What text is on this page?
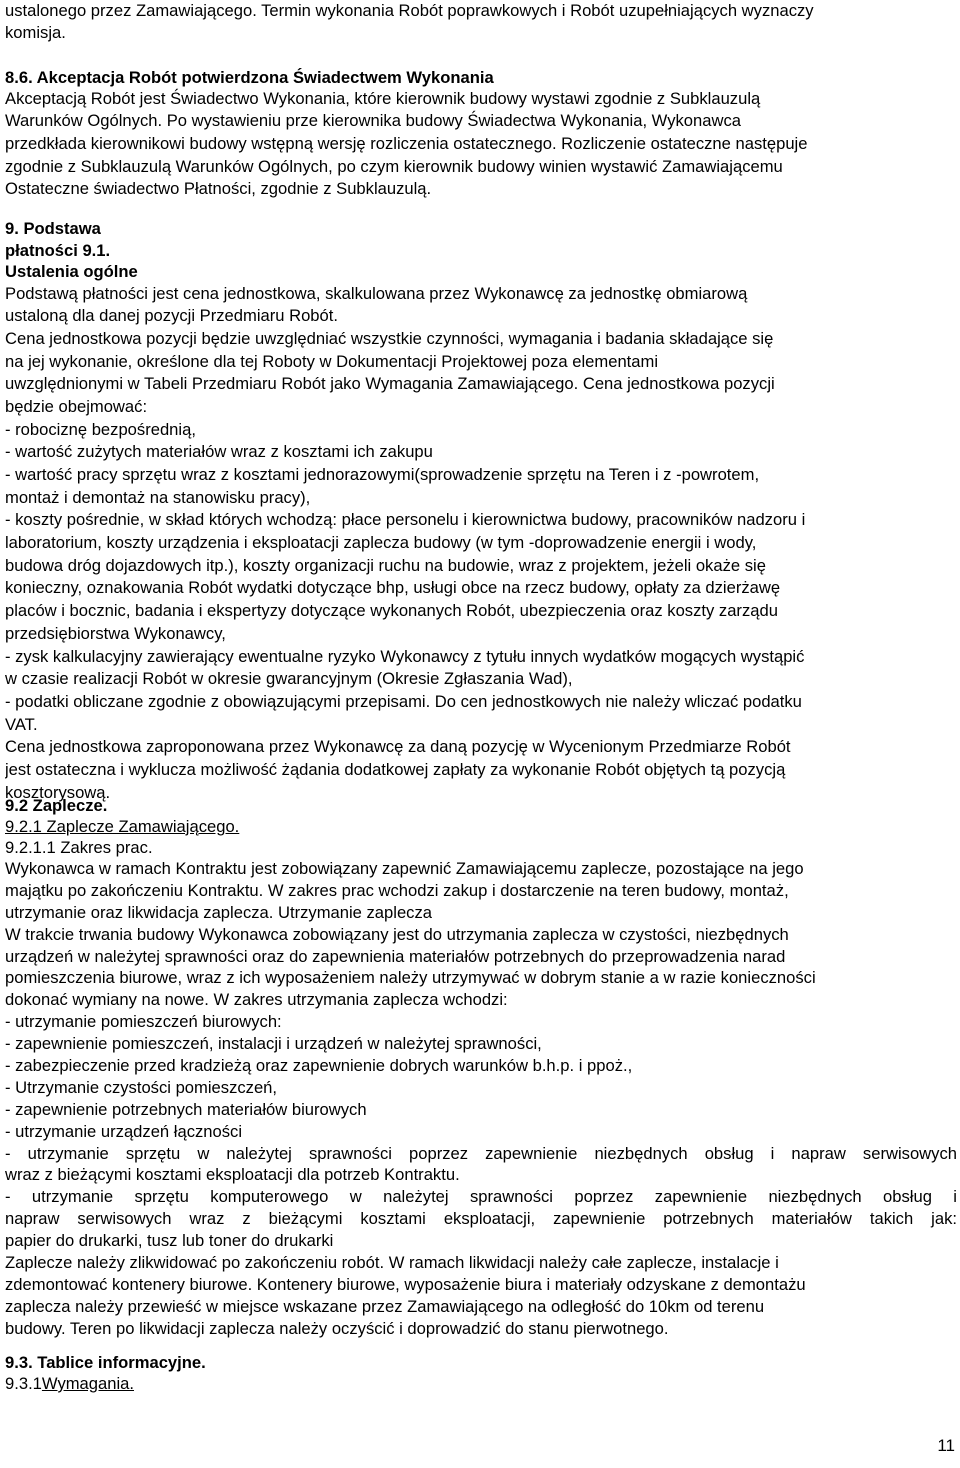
ustalonego przez Zamawiającego. Termin wykonania Robót poprawkowych i Robót uzupełniających wyznaczy
komisja.
8.6. Akceptacja Robót potwierdzona Świadectwem Wykonania
Akceptacją Robót jest Świadectwo Wykonania, które kierownik budowy wystawi zgodnie z Subklauzulą
Warunków Ogólnych. Po wystawieniu prze kierownika budowy Świadectwa Wykonania, Wykonawca
przedkłada kierownikowi budowy wstępną wersję rozliczenia ostatecznego. Rozliczenie ostateczne następuje
zgodnie z Subklauzulą Warunków Ogólnych, po czym kierownik budowy winien wystawić Zamawiającemu
Ostateczne świadectwo Płatności, zgodnie z Subklauzulą.
9. Podstawa
płatności 9.1.
Ustalenia ogólne
Podstawą płatności jest cena jednostkowa, skalkulowana przez Wykonawcę za jednostkę obmiarową
ustaloną dla danej pozycji Przedmiaru Robót.
Cena jednostkowa pozycji będzie uwzględniać wszystkie czynności, wymagania i badania składające się
na jej wykonanie, określone dla tej Roboty w Dokumentacji Projektowej poza elementami
uwzględnionymi w Tabeli Przedmiaru Robót jako Wymagania Zamawiającego. Cena jednostkowa pozycji
będzie obejmować:
- robociznę bezpośrednią,
- wartość zużytych materiałów wraz z kosztami ich zakupu
- wartość pracy sprzętu wraz z kosztami jednorazowymi(sprowadzenie sprzętu na Teren i z -powrotem,
montaż i demontaż na stanowisku pracy),
- koszty pośrednie, w skład których wchodzą: płace personelu i kierownictwa budowy, pracowników nadzoru i
laboratorium, koszty urządzenia i eksploatacji zaplecza budowy (w tym -doprowadzenie energii i wody,
budowa dróg dojazdowych itp.), koszty organizacji ruchu na budowie, wraz z projektem, jeżeli okaże się
konieczny, oznakowania Robót wydatki dotyczące bhp, usługi obce na rzecz budowy, opłaty za dzierżawę
placów i bocznic, badania i ekspertyzy dotyczące wykonanych Robót, ubezpieczenia oraz koszty zarządu
przedsiębiorstwa Wykonawcy,
- zysk kalkulacyjny zawierający ewentualne ryzyko Wykonawcy z tytułu innych wydatków mogących wystąpić
w czasie realizacji Robót w okresie gwarancyjnym (Okresie Zgłaszania Wad),
- podatki obliczane zgodnie z obowiązującymi przepisami. Do cen jednostkowych nie należy wliczać podatku
VAT.
Cena jednostkowa zaproponowana przez Wykonawcę za daną pozycję w Wycenionym Przedmiarze Robót
jest ostateczna i wyklucza możliwość żądania dodatkowej zapłaty za wykonanie Robót objętych tą pozycją
kosztorysową.
9.2 Zaplecze.
9.2.1 Zaplecze Zamawiającego.
9.2.1.1 Zakres prac.
Wykonawca w ramach Kontraktu jest zobowiązany zapewnić Zamawiającemu zaplecze, pozostające na jego
majątku po zakończeniu Kontraktu. W zakres prac wchodzi zakup i dostarczenie na teren budowy, montaż,
utrzymanie oraz likwidacja zaplecza. Utrzymanie zaplecza
W trakcie trwania budowy Wykonawca zobowiązany jest do utrzymania zaplecza w czystości, niezbędnych
urządzeń w należytej sprawności oraz do zapewnienia materiałów potrzebnych do przeprowadzenia narad
pomieszczenia biurowe, wraz z ich wyposażeniem należy utrzymywać w dobrym stanie a w razie konieczności
dokonać wymiany na nowe. W zakres utrzymania zaplecza wchodzi:
- utrzymanie pomieszczeń biurowych:
- zapewnienie pomieszczeń, instalacji i urządzeń w należytej sprawności,
- zabezpieczenie przed kradzieżą oraz zapewnienie dobrych warunków b.h.p. i ppoż.,
- Utrzymanie czystości pomieszczeń,
- zapewnienie potrzebnych materiałów biurowych
- utrzymanie urządzeń łączności
- utrzymanie sprzętu w należytej sprawności poprzez zapewnienie niezbędnych obsług i napraw serwisowych
wraz z bieżącymi kosztami eksploatacji dla potrzeb Kontraktu.
- utrzymanie sprzętu komputerowego w należytej sprawności poprzez zapewnienie niezbędnych obsług i
napraw serwisowych wraz z bieżącymi kosztami eksploatacji, zapewnienie potrzebnych materiałów takich jak:
papier do drukarki, tusz lub toner do drukarki
Zaplecze należy zlikwidować po zakończeniu robót. W ramach likwidacji należy całe zaplecze, instalacje i
zdemontować kontenery biurowe. Kontenery biurowe, wyposażenie biura i materiały odzyskane z demontażu
zaplecza należy przewieść w miejsce wskazane przez Zamawiającego na odległość do 10km od terenu
budowy. Teren po likwidacji zaplecza należy oczyścić i doprowadzić do stanu pierwotnego.
9.3. Tablice informacyjne.
9.3.1Wymagania.
11
